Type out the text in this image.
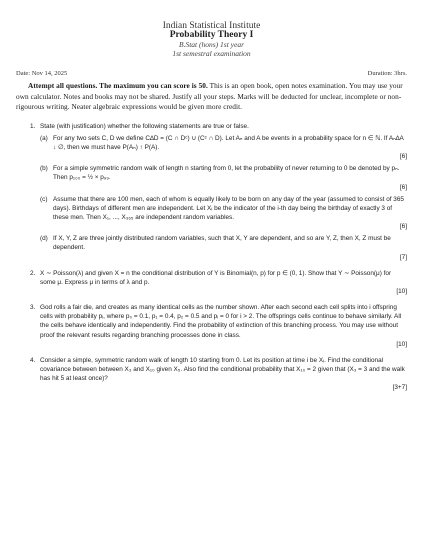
Indian Statistical Institute
Probability Theory I
B.Stat (hons) 1st year
1st semestral examination
Date: Nov 14, 2025	Duration: 3hrs.
Attempt all questions. The maximum you can score is 50. This is an open book, open notes examination. You may use your own calculator. Notes and books may not be shared. Justify all your steps. Marks will be deducted for unclear, incomplete or non-rigourous writing. Neater algebraic expressions would be given more credit.
1. State (with justification) whether the following statements are true or false.
(a) For any two sets C, D we define C∆D = (C ∩ Dᶜ) ∪ (Cᶜ ∩ D). Let Aₙ and A be events in a probability space for n ∈ ℕ. If Aₙ∆A ↓ ∅, then we must have P(Aₙ) ↑ P(A).
[6]
(b) For a simple symmetric random walk of length n starting from 0, let the probability of never returning to 0 be denoted by pₙ. Then p₁₀₀ = ½ × p₉₉.
[6]
(c) Assume that there are 100 men, each of whom is equally likely to be born on any day of the year (assumed to consist of 365 days). Birthdays of different men are independent. Let Xᵢ be the indicator of the i-th day being the birthday of exactly 3 of these men. Then X₁, ..., X₃₆₅ are independent random variables.
[6]
(d) If X, Y, Z are three jointly distributed random variables, such that X, Y are dependent, and so are Y, Z, then X, Z must be dependent.
[7]
2. X ∼ Poisson(λ) and given X = n the conditional distribution of Y is Binomial(n, p) for p ∈ (0, 1). Show that Y ∼ Poisson(μ) for some μ. Express μ in terms of λ and p.
[10]
3. God rolls a fair die, and creates as many identical cells as the number shown. After each second each cell splits into i offspring cells with probability pᵢ, where p₀ = 0.1, p₁ = 0.4, p₂ = 0.5 and pᵢ = 0 for i > 2. The offsprings cells continue to behave similarly. All the cells behave identically and independently. Find the probability of extinction of this branching process. You may use without proof the relevant results regarding branching processes done in class.
[10]
4. Consider a simple, symmetric random walk of length 10 starting from 0. Let its position at time i be Xᵢ. Find the conditional covariance between between X₃ and X₁₀ given X₅. Also find the conditional probability that X₁₀ = 2 given that (X₃ = 3 and the walk has hit 5 at least once)?
[3+7]
